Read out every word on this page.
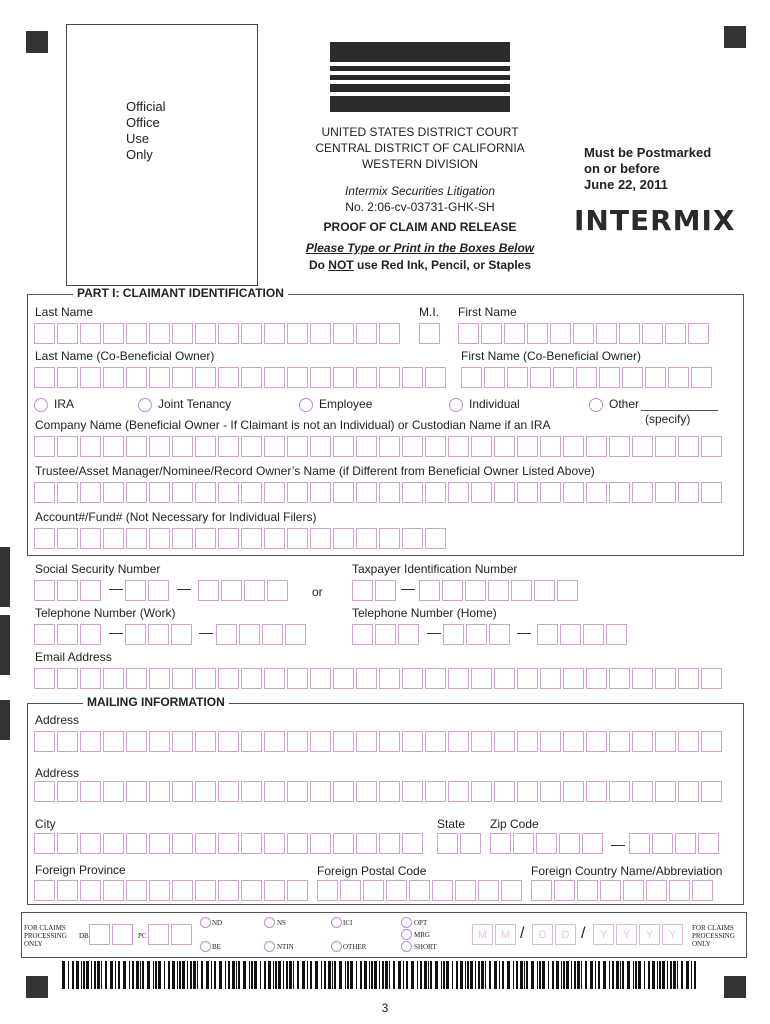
Official
Office
Use
Only
UNITED STATES DISTRICT COURT
CENTRAL DISTRICT OF CALIFORNIA
WESTERN DIVISION
Intermix Securities Litigation
No. 2:06-cv-03731-GHK-SH
PROOF OF CLAIM AND RELEASE
Please Type or Print in the Boxes Below
Do NOT use Red Ink, Pencil, or Staples
Must be Postmarked
on or before
June 22, 2011
INTERMIX
PART I: CLAIMANT IDENTIFICATION
Last Name	M.I. First Name
Last Name (Co-Beneficial Owner)	First Name (Co-Beneficial Owner)
IRA	Joint Tenancy	Employee	Individual	Other
(specify)
Company Name (Beneficial Owner - If Claimant is not an Individual) or Custodian Name if an IRA
Trustee/Asset Manager/Nominee/Record Owner’s Name (if Different from Beneficial Owner Listed Above)
Account#/Fund# (Not Necessary for Individual Filers)
Social Security Number	Taxpayer Identification Number
—	—	or	—
Telephone Number (Work)	Telephone Number (Home)
—	—	—	—
Email Address
MAILING INFORMATION
Address
Address
City	State Zip Code
—
Foreign Province	Foreign Postal Code	Foreign Country Name/Abbreviation
FOR CLAIMS
PROCESSING
ONLY
DB	PC
ND	NS	ICI	OPT
MRG
BE	NTIN	OTHER	SHORT
M	M /	D	D /	Y	Y	Y	Y
FOR CLAIMS
PROCESSING
ONLY
3
